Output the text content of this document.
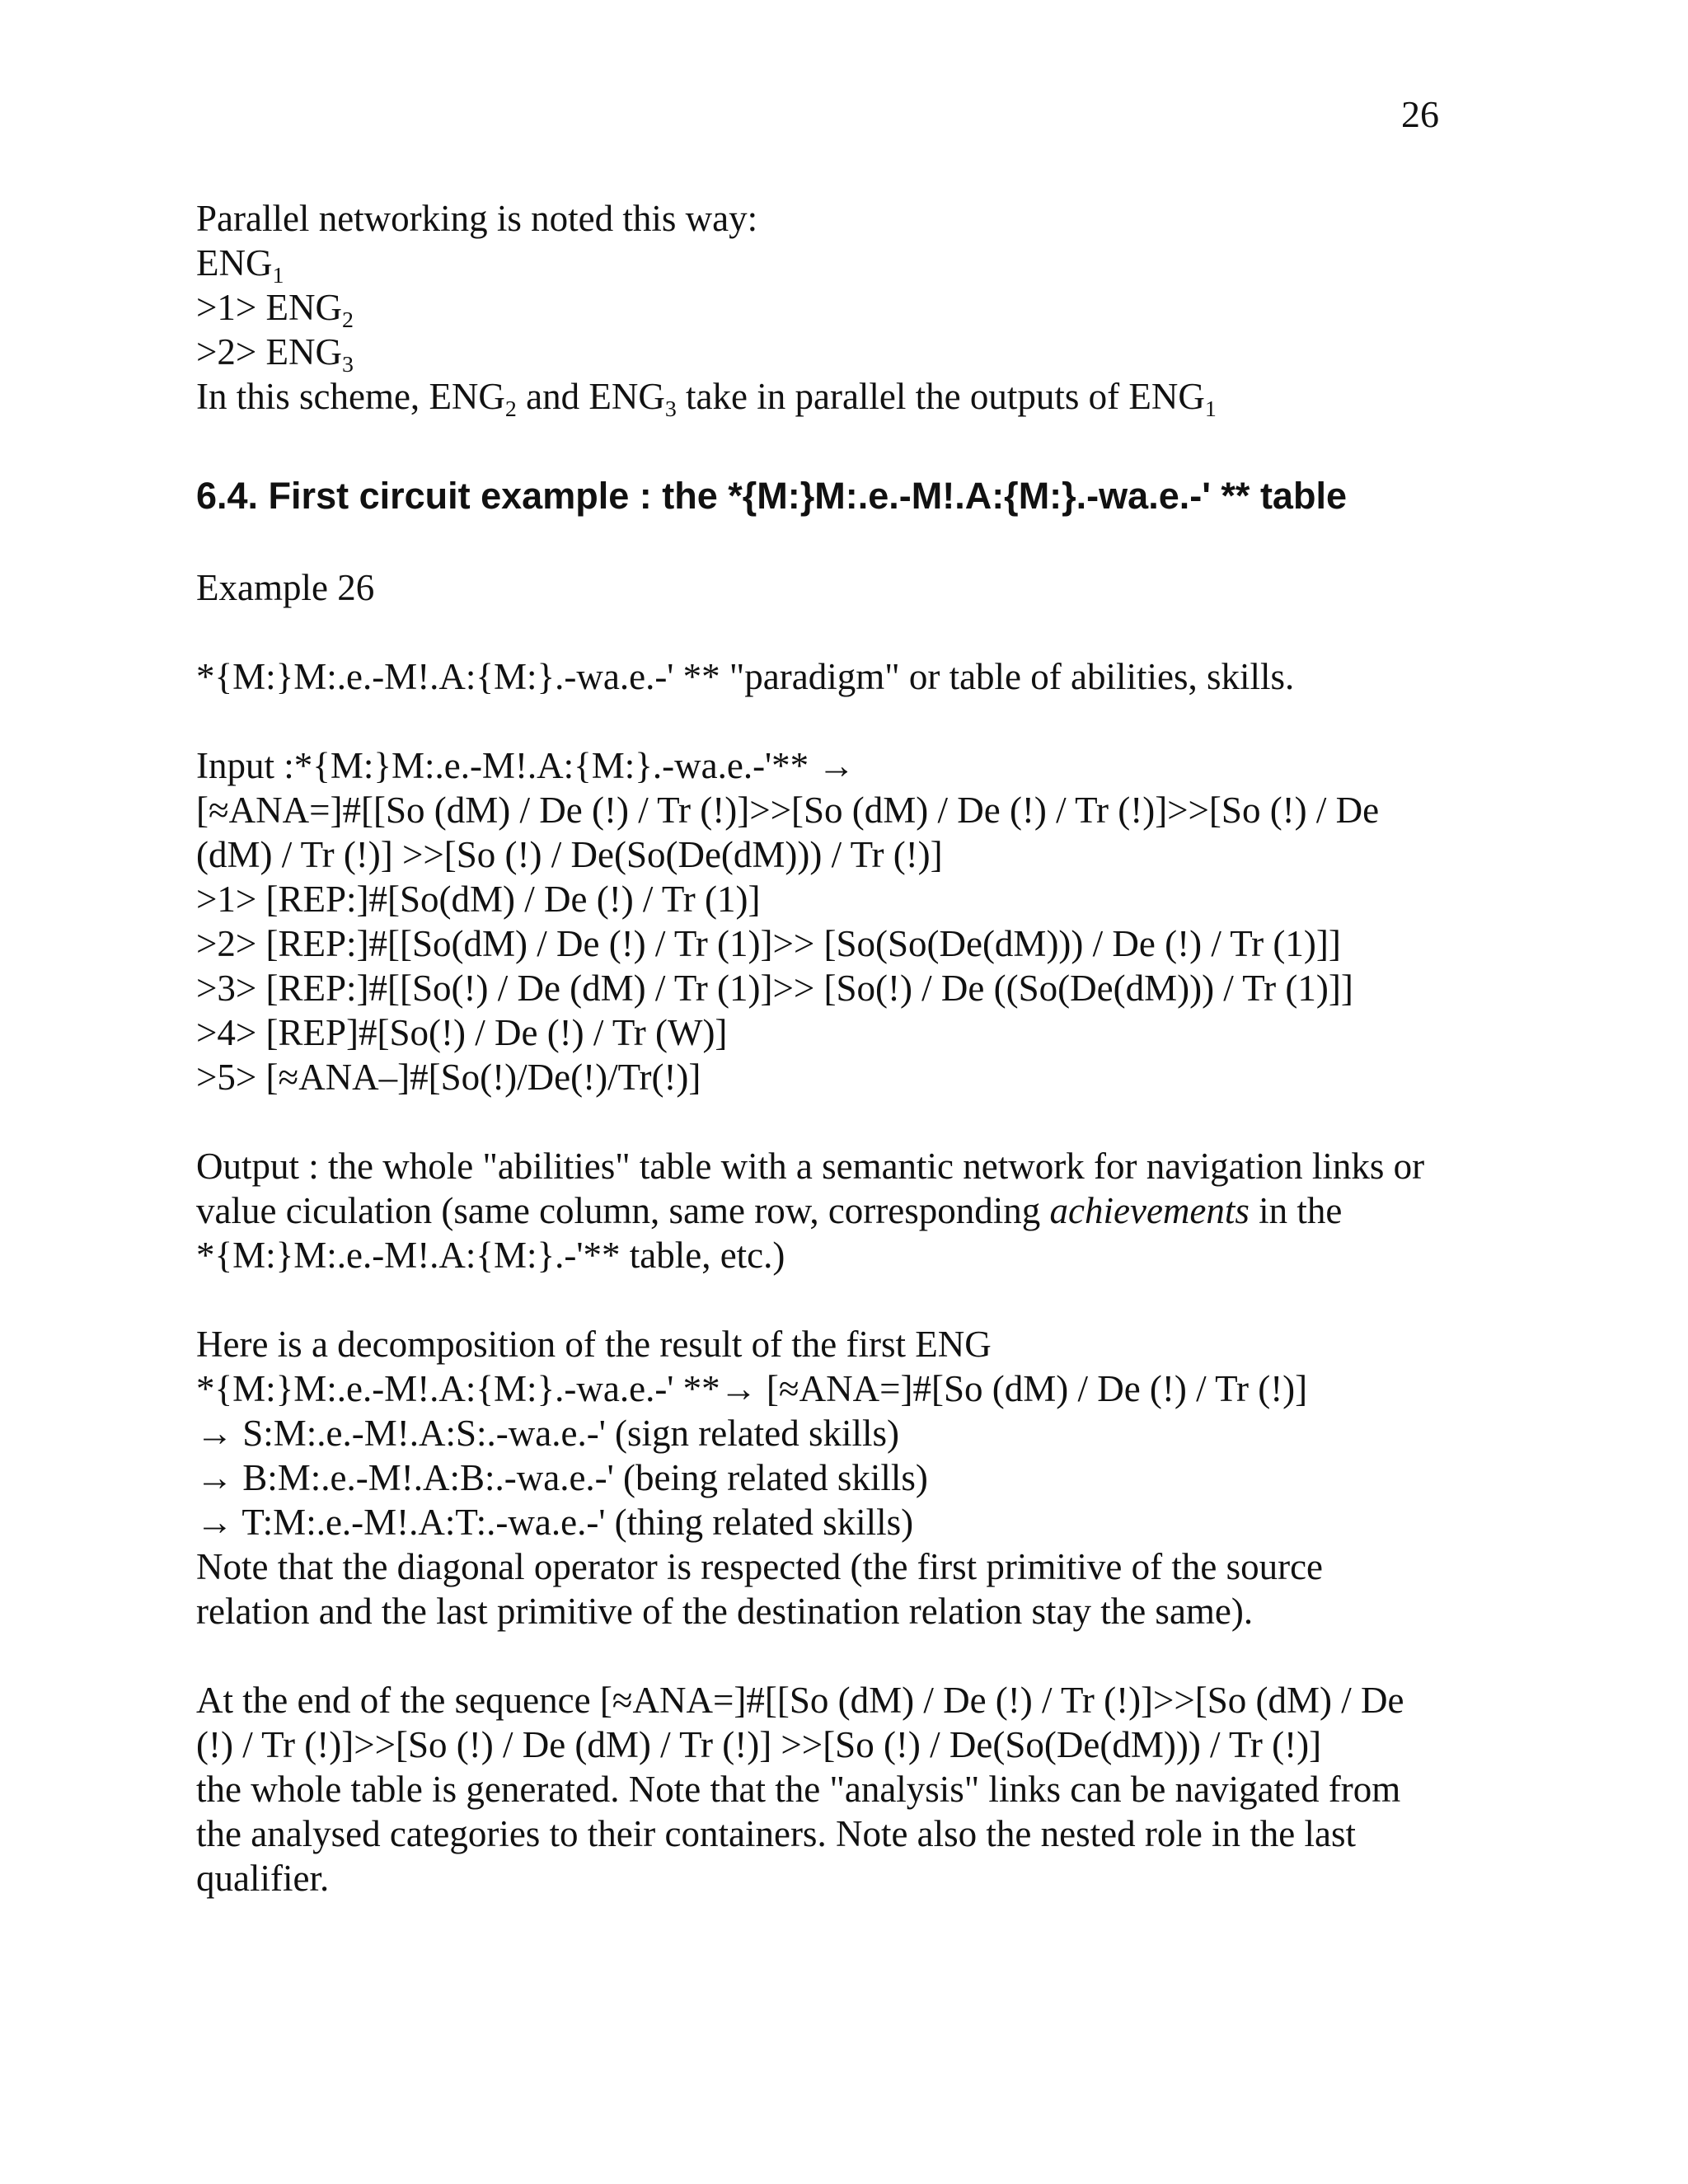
26
Parallel networking is noted this way:
$ENG_1$
$>1> ENG_2$
$>2> ENG_3$
In this scheme, $ENG_2$ and $ENG_3$ take in parallel the outputs of $ENG_1$
6.4. First circuit example : the *{M:}M:.e.-M!.A:{M:}.-wa.e.-' ** table
Example 26
*{M:}M:.e.-M!.A:{M:}.-wa.e.-' ** "paradigm" or table of abilities, skills.
Input :*{M:}M:.e.-M!.A:{M:}.-wa.e.-'** →
[≈ANA=]#[[So (dM) / De (!) / Tr (!)]>>[So (dM) / De (!) / Tr (!)]>>[So (!) / De
(dM) / Tr (!)] >>[So (!) / De(So(De(dM))) / Tr (!)]
>1> [REP:]#[So(dM) / De (!) / Tr (1)]
>2> [REP:]#[[So(dM) / De (!) / Tr (1)]>> [So(So(De(dM))) / De (!) / Tr (1)]]
>3> [REP:]#[[So(!) / De (dM) / Tr (1)]>> [So(!) / De ((So(De(dM))) / Tr (1)]]
>4> [REP]#[So(!) / De (!) / Tr (W)]
>5> [≈ANA–]#[So(!)/De(!)/Tr(!)]
Output : the whole "abilities" table with a semantic network for navigation links or
value ciculation (same column, same row, corresponding achievements in the
*{M:}M:.e.-M!.A:{M:}.-'** table, etc.)
Here is a decomposition of the result of the first ENG
*{M:}M:.e.-M!.A:{M:}.-wa.e.-' **→ [≈ANA=]#[So (dM) / De (!) / Tr (!)]
→ S:M:.e.-M!.A:S:.-wa.e.-' (sign related skills)
→ B:M:.e.-M!.A:B:.-wa.e.-' (being related skills)
→ T:M:.e.-M!.A:T:.-wa.e.-' (thing related skills)
Note that the diagonal operator is respected (the first primitive of the source
relation and the last primitive of the destination relation stay the same).
At the end of the sequence [≈ANA=]#[[So (dM) / De (!) / Tr (!)]>>[So (dM) / De
(!) / Tr (!)]>>[So (!) / De (dM) / Tr (!)] >>[So (!) / De(So(De(dM))) / Tr (!)]
the whole table is generated. Note that the "analysis" links can be navigated from
the analysed categories to their containers. Note also the nested role in the last
qualifier.
